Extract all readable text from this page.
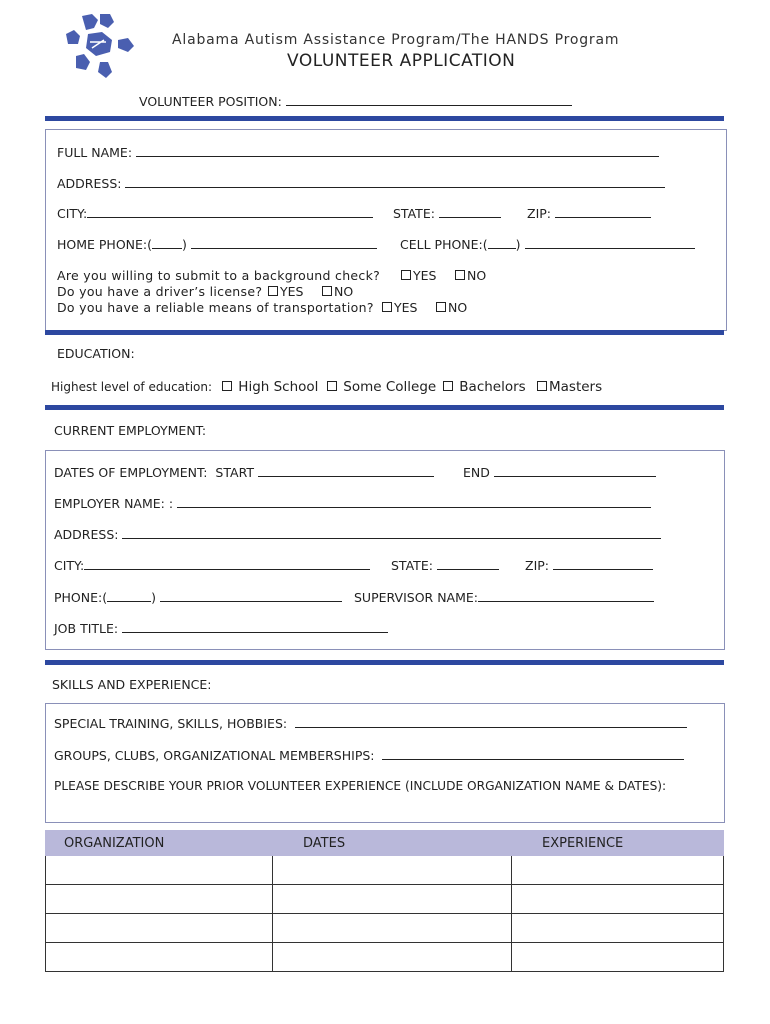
Alabama Autism Assistance Program/The HANDS Program
VOLUNTEER APPLICATION
VOLUNTEER POSITION:
FULL NAME:
ADDRESS:
CITY:	STATE:	ZIP:
HOME PHONE:( )	CELL PHONE:( )
Are you willing to submit to a background check?	YES	NO
Do you have a driver’s license?	YES	NO
Do you have a reliable means of transportation?	YES	NO
EDUCATION:
Highest level of education:	High School	Some College	Bachelors	Masters
CURRENT EMPLOYMENT:
DATES OF EMPLOYMENT:  START	END
EMPLOYER NAME: :
ADDRESS:
CITY:	STATE:	ZIP:
PHONE:(	)	SUPERVISOR NAME:
JOB TITLE:
SKILLS AND EXPERIENCE:
SPECIAL TRAINING, SKILLS, HOBBIES:
GROUPS, CLUBS, ORGANIZATIONAL MEMBERSHIPS:
PLEASE DESCRIBE YOUR PRIOR VOLUNTEER EXPERIENCE (INCLUDE ORGANIZATION NAME & DATES):
ORGANIZATION	DATES	EXPERIENCE
